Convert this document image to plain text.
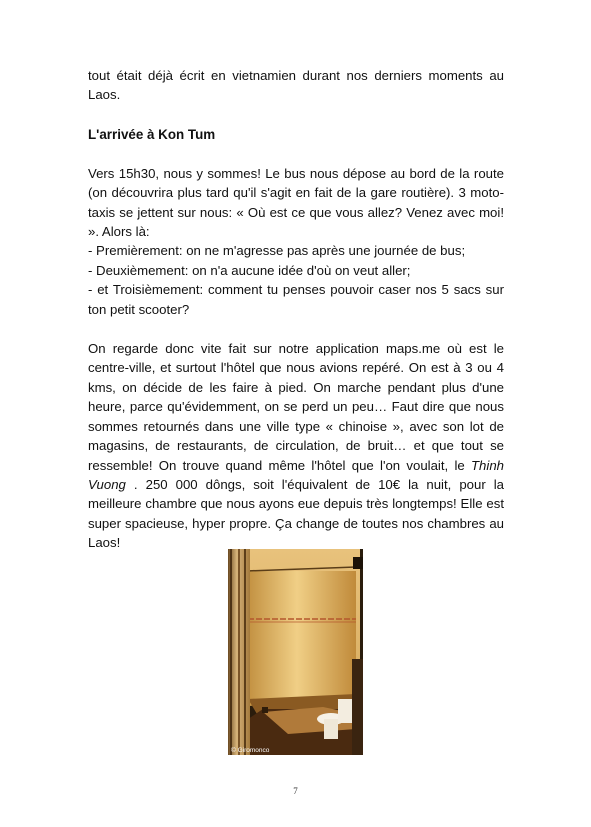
tout était déjà écrit en vietnamien durant nos derniers moments au Laos.

L'arrivée à Kon Tum

Vers 15h30, nous y sommes! Le bus nous dépose au bord de la route (on découvrira plus tard qu'il s'agit en fait de la gare routière). 3 moto-taxis se jettent sur nous: « Où est ce que vous allez? Venez avec moi! ». Alors là:

- Premièrement: on ne m'agresse pas après une journée de bus;

- Deuxièmement: on n'a aucune idée d'où on veut aller;

- et Troisièmement: comment tu penses pouvoir caser nos 5 sacs sur ton petit scooter?

On regarde donc vite fait sur notre application maps.me où est le centre-ville, et surtout l'hôtel que nous avions repéré. On est à 3 ou 4 kms, on décide de les faire à pied. On marche pendant plus d'une heure, parce qu'évidemment, on se perd un peu… Faut dire que nous sommes retournés dans une ville type « chinoise », avec son lot de magasins, de restaurants, de circulation, de bruit… et que tout se ressemble! On trouve quand même l'hôtel que l'on voulait, le Thinh Vuong . 250 000 dôngs, soit l'équivalent de 10€ la nuit, pour la meilleure chambre que nous ayons eue depuis très longtemps! Elle est super spacieuse, hyper propre. Ça change de toutes nos chambres au Laos!

© Giromonco
7
